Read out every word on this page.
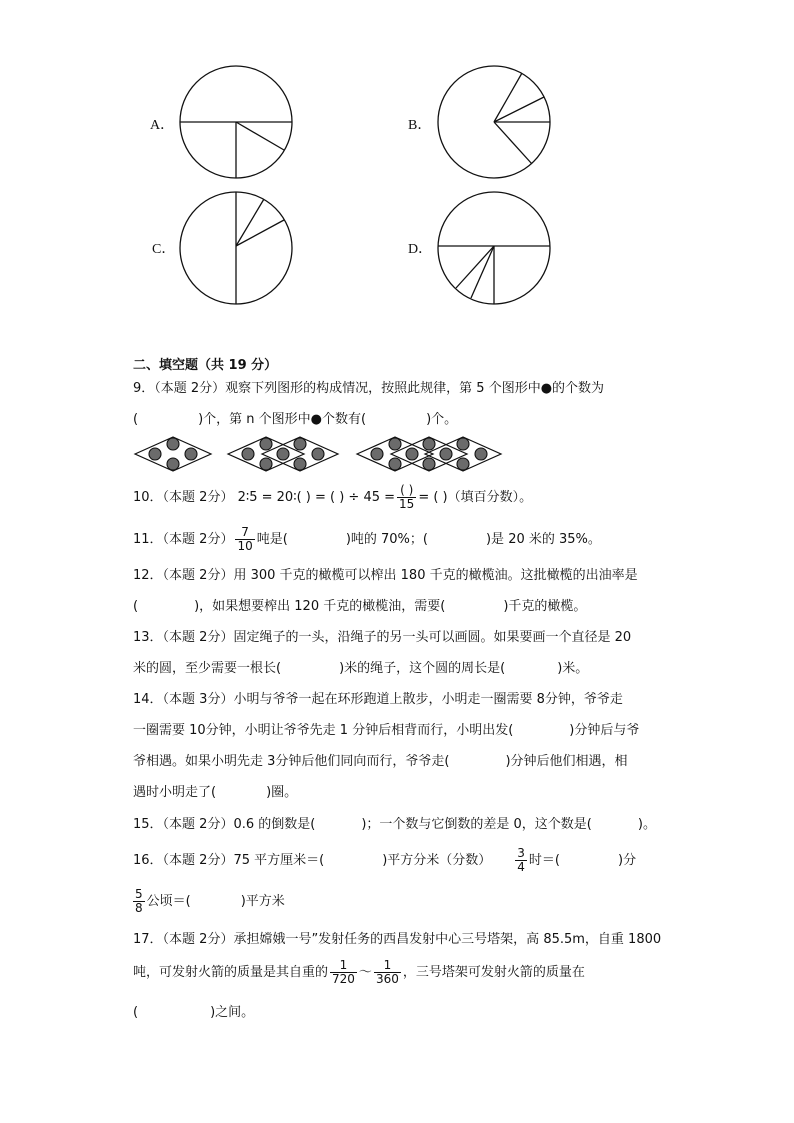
A．	B．
C．	D．
二、填空题（共 19 分）
9．（本题 2分）观察下列图形的构成情况，按照此规律，第 5 个图形中●的个数为
(	)个，第 n 个图形中●个数有(	)个。
10．（本题 2分） 2∶5 = 20∶( ) = ( ) ÷ $45 = \frac{( )}{15}$ = ( )（填百分数）。
11．（本题 2分） $\frac{7}{10}$ 吨是(	)吨的 70%；(	)是 20 米的 35%。
12．（本题 2分）用 300 千克的橄榄可以榨出 180 千克的橄榄油。这批橄榄的出油率是
(	)，如果想要榨出 120 千克的橄榄油，需要(	)千克的橄榄。
13．（本题 2分）固定绳子的一头，沿绳子的另一头可以画圆。如果要画一个直径是 20
米的圆，至少需要一根长(	)米的绳子，这个圆的周长是(	)米。
14．（本题 3分）小明与爷爷一起在环形跑道上散步，小明走一圈需要 8分钟，爷爷走
一圈需要 10分钟，小明让爷爷先走 1 分钟后相背而行，小明出发(	)分钟后与爷
爷相遇。如果小明先走 3分钟后他们同向而行，爷爷走(	)分钟后他们相遇，相
遇时小明走了(	)圈。
15．（本题 2分）0.6 的倒数是(	)；一个数与它倒数的差是 0，这个数是(	)。
16．（本题 2分）75 平方厘米＝(	)平方分米（分数） $\frac{3}{4}$ 时＝(	)分
$\frac{5}{8}$ 公顷＝(	)平方米
17．（本题 2分）承担嫦娥一号”发射任务的西昌发射中心三号塔架，高 85.5m，自重 1800
吨，可发射火箭的质量是其自重的 $\frac{1}{720}$ ～ $\frac{1}{360}$ ，三号塔架可发射火箭的质量在
(	)之间。
